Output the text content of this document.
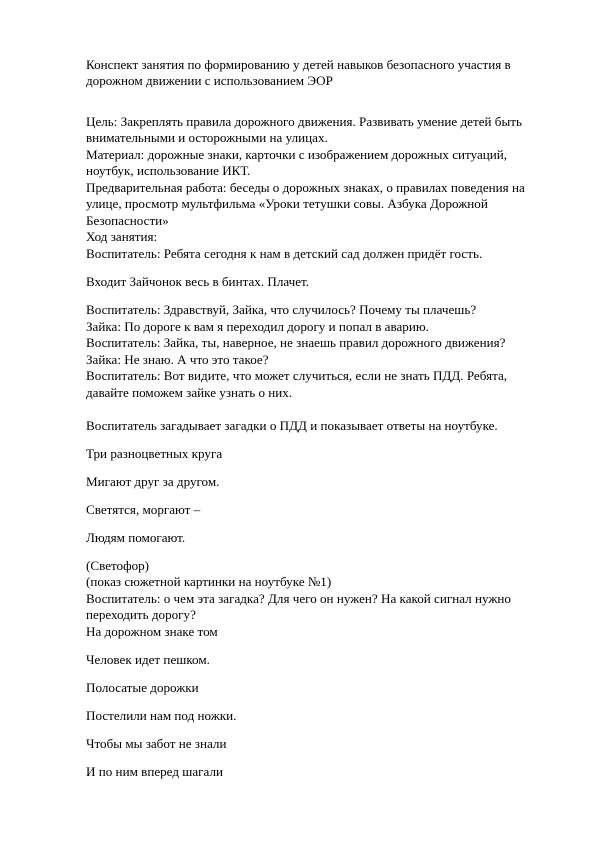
Конспект занятия по формированию у детей навыков безопасного участия в
дорожном движении с использованием ЭОР
Цель: Закреплять правила дорожного движения. Развивать умение детей быть
внимательными и осторожными на улицах.
Материал: дорожные знаки, карточки с изображением дорожных ситуаций,
ноутбук, использование ИКТ.
Предварительная работа: беседы о дорожных знаках, о правилах поведения на
улице, просмотр мультфильма «Уроки тетушки совы. Азбука Дорожной
Безопасности»
Ход занятия:
Воспитатель: Ребята сегодня к нам в детский сад должен придёт гость.
Входит Зайчонок весь в бинтах. Плачет.
Воспитатель: Здравствуй, Зайка, что случилось? Почему ты плачешь?
Зайка: По дороге к вам я переходил дорогу и попал в аварию.
Воспитатель: Зайка, ты, наверное, не знаешь правил дорожного движения?
Зайка: Не знаю. А что это такое?
Воспитатель: Вот видите, что может случиться, если не знать ПДД. Ребята,
давайте поможем зайке узнать о них.
Воспитатель загадывает загадки о ПДД и показывает ответы на ноутбуке.
Три разноцветных круга
Мигают друг за другом.
Светятся, моргают –
Людям помогают.
(Светофор)
(показ сюжетной картинки на ноутбуке №1)
Воспитатель: о чем эта загадка? Для чего он нужен? На какой сигнал нужно
переходить дорогу?
На дорожном знаке том
Человек идет пешком.
Полосатые дорожки
Постелили нам под ножки.
Чтобы мы забот не знали
И по ним вперед шагали
